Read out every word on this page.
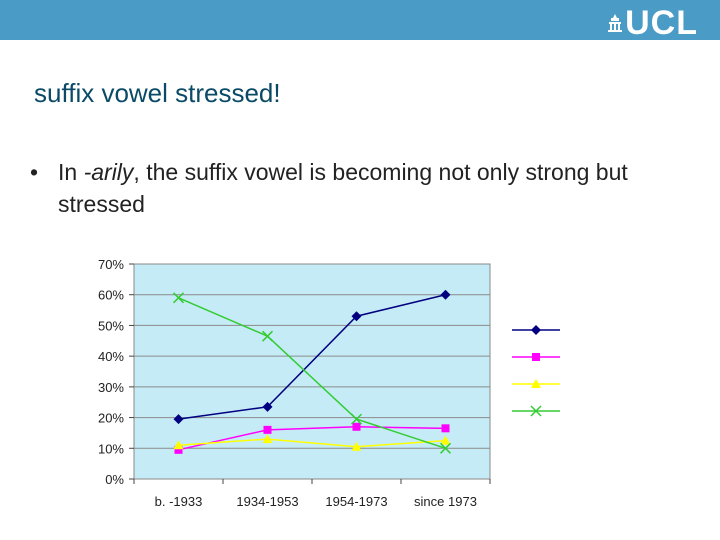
UCL
suffix vowel stressed!
• In -arily, the suffix vowel is becoming not only strong but stressed
70%
60%
50%
40%
30%
20%
10%
0%
b. -1933	1934-1953 1954-1973 since 1973
